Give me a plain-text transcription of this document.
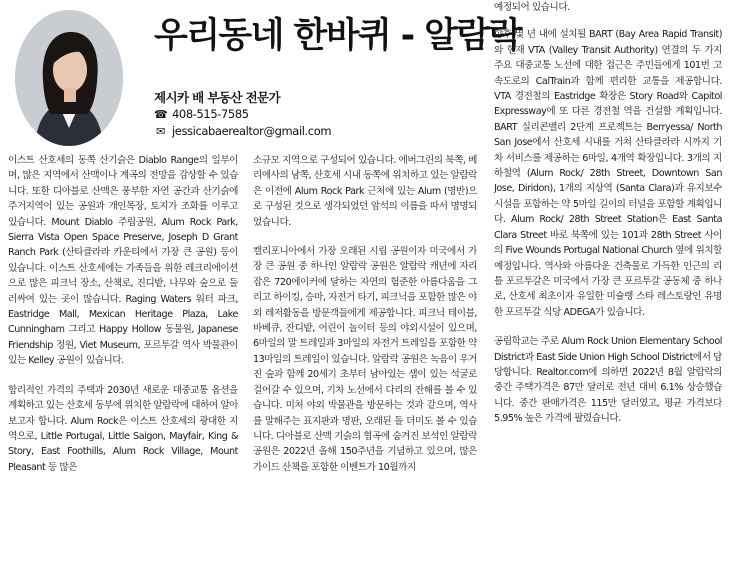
우리동네 한바퀴 - 알람락
제시카 배 부동산 전문가
☎ 408-515-7585
✉ jessicabaerealtor@gmail.com

이스트 산호세의 동쪽 산기슭은 Diablo Range의 일부이며, 많은 지역에서 산맥이나 계곡의 전망을 감상할 수 있습니다. 또한 디아블로 산맥은 풍부한 자연 공간과 산기슭에 주거지역이 있는 공원과 개인목장, 토지가 조화를 이루고 있습니다. Mount Diablo 주립공원, Alum Rock Park, Sierra Vista Open Space Preserve, Joseph D Grant Ranch Park (산타클라라 카운티에서 가장 큰 공원) 등이 있습니다. 이스트 산호세에는 가족들을 위한 레크리에이션으로 많은 피크닉 장소, 산책로, 진디밭, 나무와 숲으로 둘러싸여 있는 곳이 많습니다. Raging Waters 워터 파크, Eastridge Mall, Mexican Heritage Plaza, Lake Cunningham 그리고 Happy Hollow 동물원, Japanese Friendship 정원, Viet Museum, 포르투갈 역사 박물관이 있는 Kelley 공원이 있습니다.

합리적인 가격의 주택과 2030년 새로운 대중교통 옵션을 계획하고 있는 산호세 동부에 위치한 알람락에 대하여 알아보고자 합니다. Alum Rock은 이스트 산호세의 광대한 지역으로, Little Portugal, Little Saigon, Mayfair, King & Story, East Foothills, Alum Rock Village, Mount Pleasant 등 많은

소규모 지역으로 구성되어 있습니다. 에버그린의 북쪽, 베리에사의 남쪽, 산호세 시내 동쪽에 위치하고 있는 알람락은 이전에 Alum Rock Park 근처에 있는 Alum (명반)으로 구성된 것으로 생각되었던 암석의 이름을 따서 명명되었습니다.

캘리포니아에서 가장 오래된 시립 공원이자 미국에서 가장 큰 공원 중 하나인 알람락 공원은 알람락 캐년에 자리잡은 720에이커에 달하는 자연의 험준한 아름다움을 그리고 하이킹, 승마, 자전거 타기, 피크닉을 포함한 많은 야외 레저활동을 방문객들에게 제공합니다. 피크닉 테이블, 바베큐, 잔디밭, 어린이 놀이터 등의 야외시설이 있으며, 6마일의 말 트레일과 3마일의 자전거 트레일을 포함한 약 13마일의 트레일이 있습니다. 알람락 공원은 녹음이 우거진 숲과 함께 20세기 초부터 남아있는 샘이 있는 석굴로 걸어갈 수 있으며, 기차 노선에서 다리의 잔해를 볼 수 있습니다. 미처 야외 박물관을 방문하는 것과 같으며, 역사를 말해주는 표지판과 명판, 오래된 돌 더미도 볼 수 있습니다. 디아블로 산맥 기슭의 협곡에 숨겨진 보석인 알람락 공원은 2022년 올해 150주년을 기념하고 있으며, 많은 가이드 산책을 포함한 이벤트가 10월까지

예정되어 있습니다.

향후 몇 년 내에 설치될 BART (Bay Area Rapid Transit)와 현재 VTA (Valley Transit Authority) 연결의 두 가지 주요 대중교통 노선에 대한 접근은 주민들에게 101번 고속도로의 CalTrain과 함께 편리한 교통을 제공합니다. VTA 경전철의 Eastridge 확장은 Story Road와 Capitol Expressway에 또 다른 경전철 역을 건설할 계획입니다. BART 실리콘밸리 2단계 프로젝트는 Berryessa/ North San Jose에서 산호세 시내를 거쳐 산타클라라 시까지 기차 서비스를 제공하는 6마일, 4개역 확장입니다. 3개의 지하철역 (Alum Rock/ 28th Street, Downtown San Jose, Diridon), 1개의 지상역 (Santa Clara)과 유지보수 시설을 포함하는 약 5마일 길이의 터널을 포함할 계획입니다. Alum Rock/ 28th Street Station은 East Santa Clara Street 바로 북쪽에 있는 101과 28th Street 사이의 Five Wounds Portugal National Church 옆에 위치할 예정입니다. 역사와 아름다운 건축물로 가득한 인근의 리틀 포르투갈은 미국에서 가장 큰 포르투갈 공동체 중 하나로, 산호세 최초이자 유일한 미슐랭 스타 레스토랑인 유명한 포르투갈 식당 ADEGA가 있습니다.

공립학교는 주로 Alum Rock Union Elementary School District과 East Side Union High School District에서 담당합니다. Realtor.com에 의하면 2022년 8월 알람락의 중간 주택가격은 87만 달러로 전년 대비 6.1% 상승했습니다. 중간 판매가격은 115만 달러였고, 평균 가격보다 5.95% 높은 가격에 팔렸습니다.
